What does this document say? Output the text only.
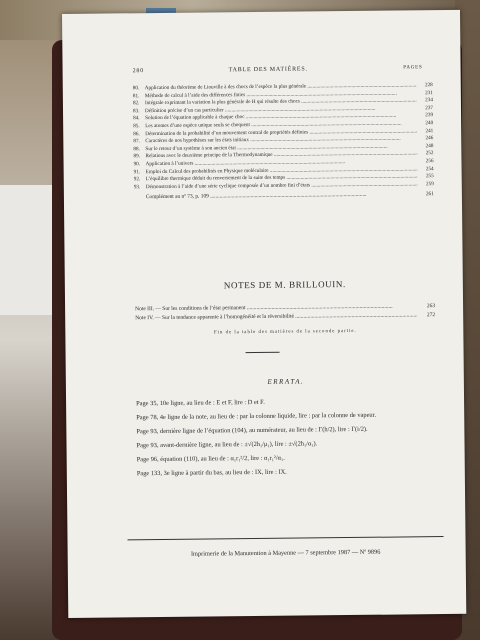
280	TABLE DES MATIÈRES.	PAGES
80.	Application du théorème de Liouville à des chocs de l’espèce la plus générale .....	228
81.	Méthode de calcul à l’aide des différences finies .....	231
82.	Intégrale exprimant la variation la plus générale de H qui résulte des chocs .....	234
83.	Définition précise d’un cas particulier .....	237
84.	Solution de l’équation applicable à chaque choc .....	239
85.	Les atomes d’une espèce unique seuls se choquent .....	240
86.	Détermination de la probabilité d’un mouvement central de propriétés définies .....	241
87.	Caractères de nos hypothèses sur les états initiaux .....	246
88.	Sur le retour d’un système à son ancien état .....	248
89.	Relations avec le deuxième principe de la Thermodynamique .....	252
90.	Application à l’univers .....	256
91.	Emploi du Calcul des probabilités en Physique moléculaire .....	254
92.	L’équilibre thermique déduit du renversement de la suite des temps .....	255
93.	Démonstration à l’aide d’une série cyclique composée d’un nombre fini d’états .....	259
Complément au nº 73, p. 109 .....	261
NOTES DE M. BRILLOUIN.
Note III. — Sur les conditions de l’état permanent .....	263
Note IV. — Sur la tendance apparente à l’homogénéité et la réversibilité .....	272
Fin de la table des matières de la seconde partie.
ERRATA.
Page 35, 10e ligne, au lieu de : E et F, lire : D et F.
Page 78, 4e ligne de la note, au lieu de : par la colonne liquide, lire : par la colonne de vapeur.
Page 93, dernière ligne de l’équation (104), au numérateur, au lieu de : Γ(h/2), lire : Γ(i/2).
Page 93, avant-dernière ligne, au lieu de : ±√(2h₁/μ₁), lire : ±√(2h₁/α₁).
Page 96, équation (110), au lieu de : α₁r₁²/2, lire : α₁r₁²/α₁.
Page 133, 3e ligne à partir du bas, au lieu de : IX, lire : IX.
Imprimerie de la Manutention à Mayenne — 7 septembre 1987 — Nº 9896
